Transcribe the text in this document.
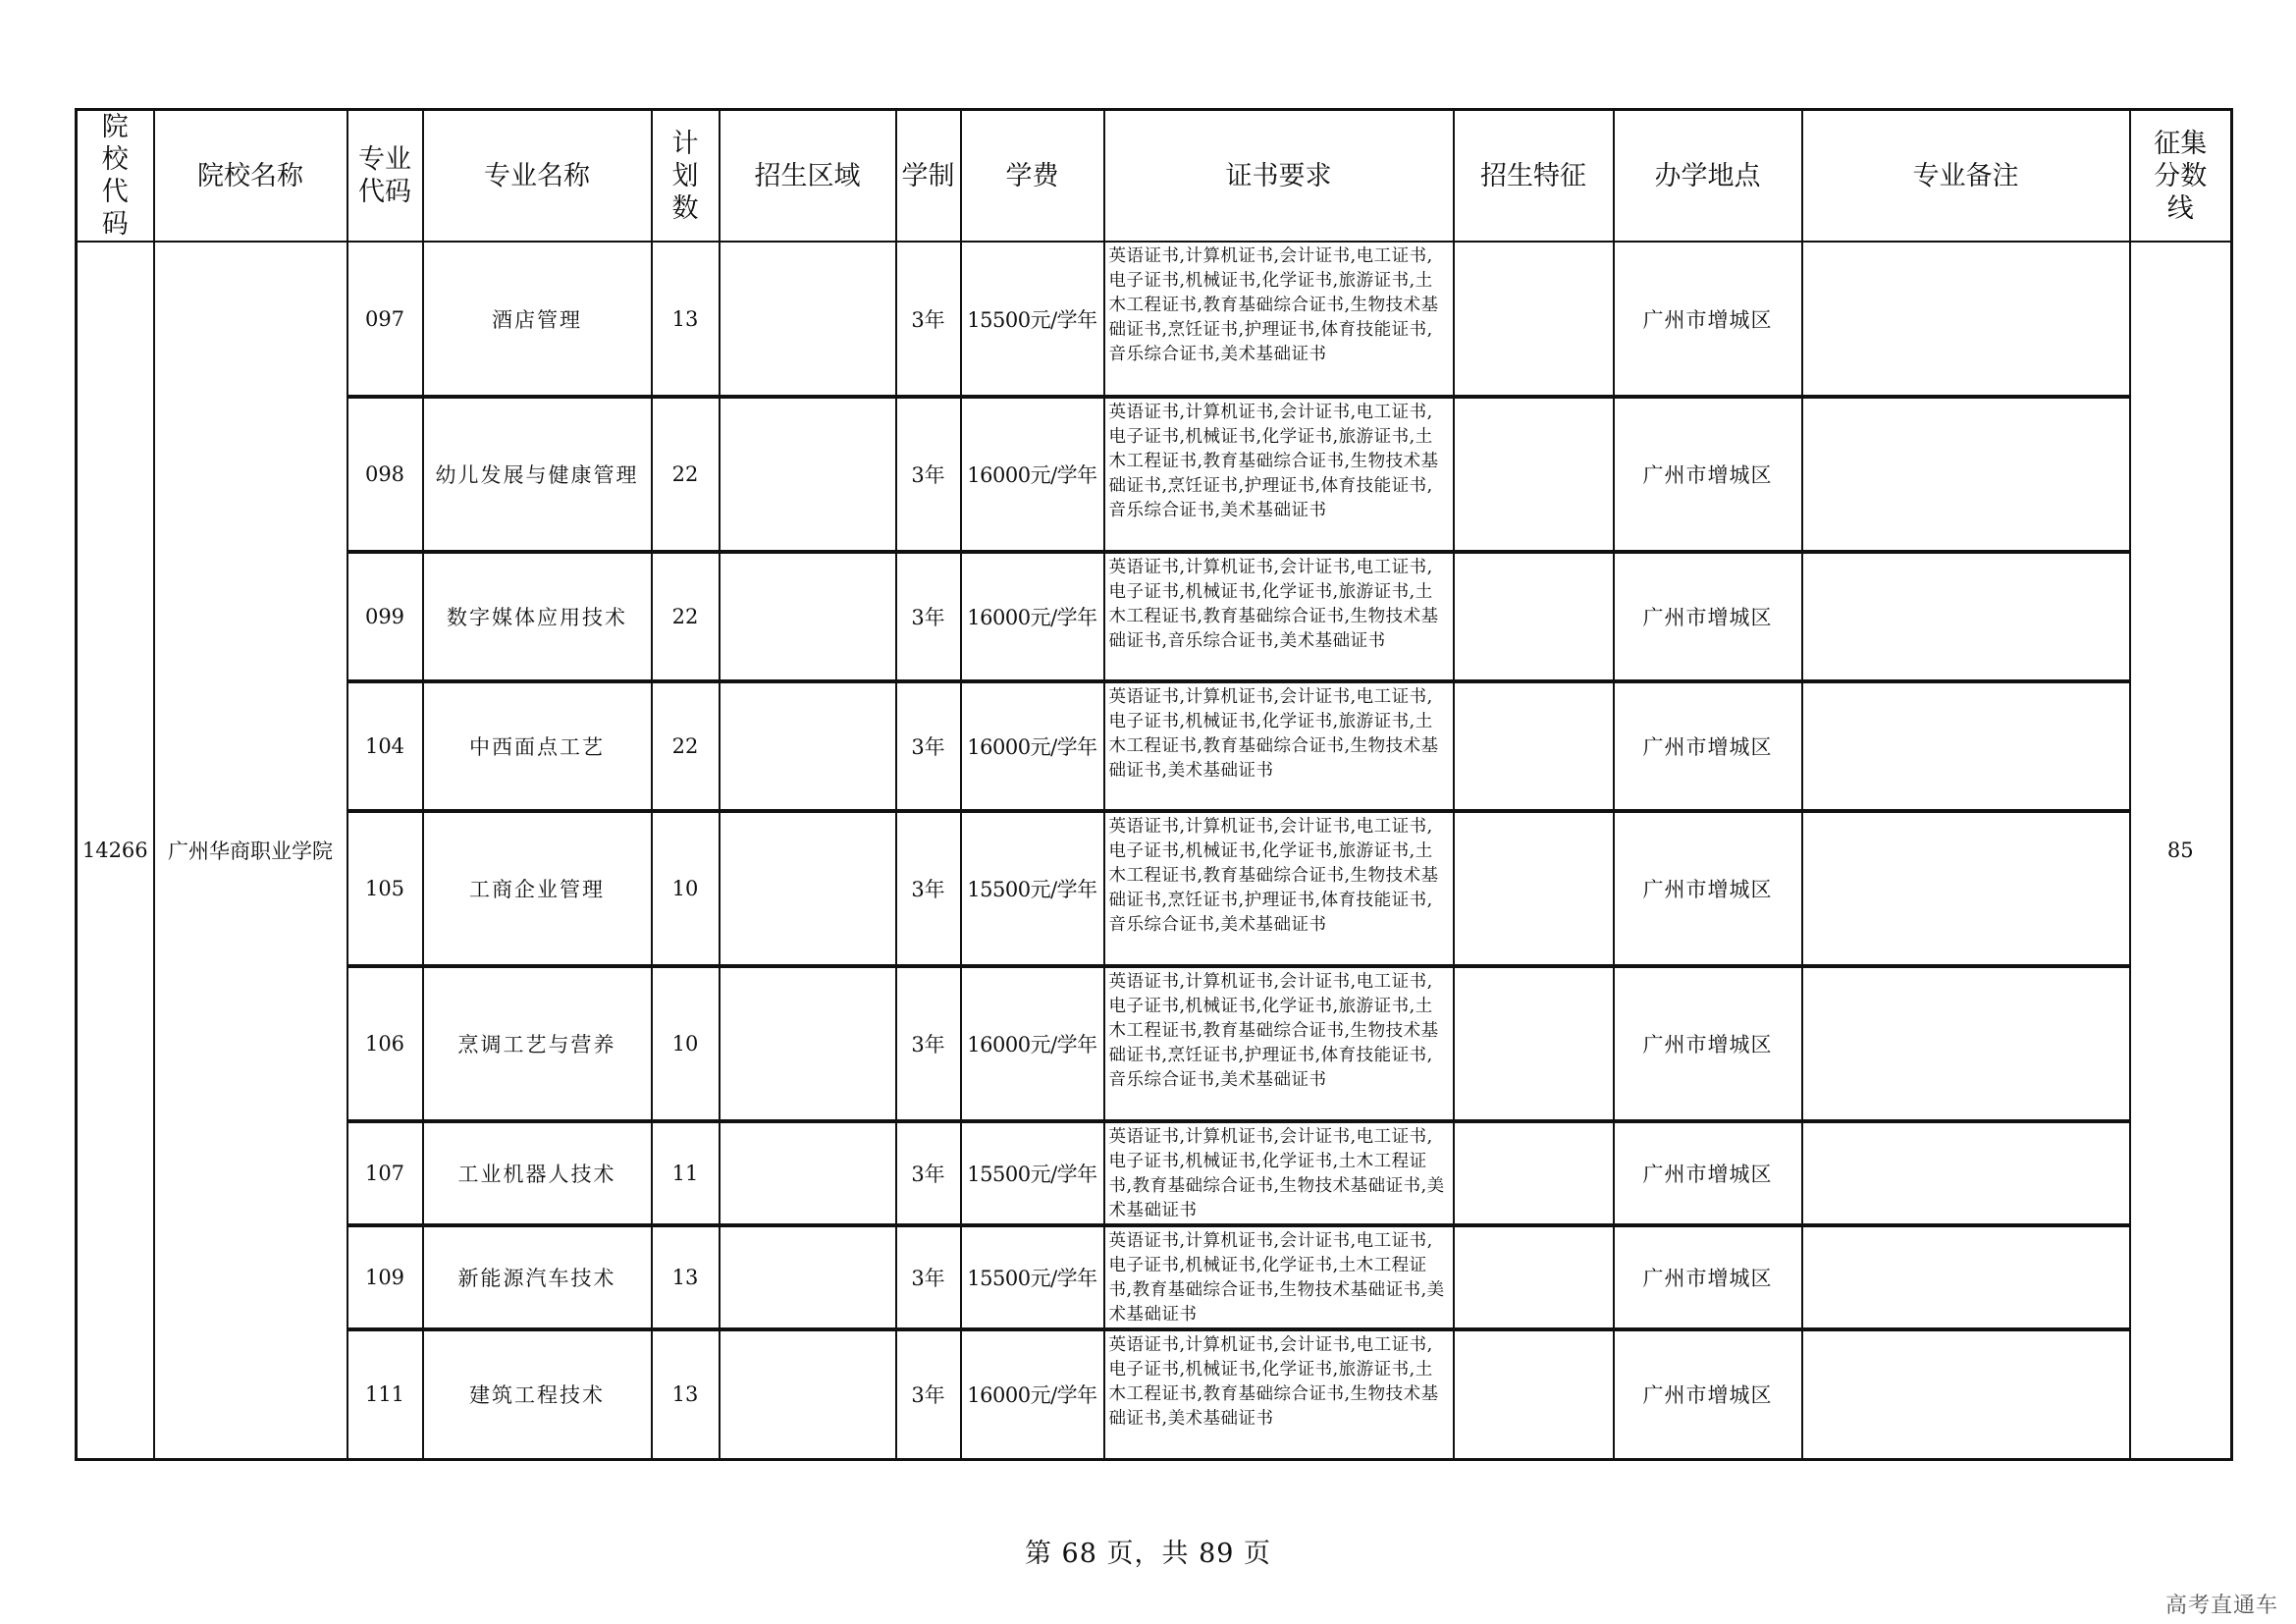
院校代码	院校名称	专业代码	专业名称	计划数	招生区域	学制	学费	证书要求	招生特征	办学地点	专业备注	征集分数线
14266	广州华商职业学院	097	酒店管理	13		3年	15500元/学年	英语证书,计算机证书,会计证书,电工证书,电子证书,机械证书,化学证书,旅游证书,土木工程证书,教育基础综合证书,生物技术基础证书,烹饪证书,护理证书,体育技能证书,音乐综合证书,美术基础证书		广州市增城区		85
		098	幼儿发展与健康管理	22		3年	16000元/学年	英语证书,计算机证书,会计证书,电工证书,电子证书,机械证书,化学证书,旅游证书,土木工程证书,教育基础综合证书,生物技术基础证书,烹饪证书,护理证书,体育技能证书,音乐综合证书,美术基础证书		广州市增城区		
		099	数字媒体应用技术	22		3年	16000元/学年	英语证书,计算机证书,会计证书,电工证书,电子证书,机械证书,化学证书,旅游证书,土木工程证书,教育基础综合证书,生物技术基础证书,音乐综合证书,美术基础证书		广州市增城区		
		104	中西面点工艺	22		3年	16000元/学年	英语证书,计算机证书,会计证书,电工证书,电子证书,机械证书,化学证书,旅游证书,土木工程证书,教育基础综合证书,生物技术基础证书,美术基础证书		广州市增城区		
		105	工商企业管理	10		3年	15500元/学年	英语证书,计算机证书,会计证书,电工证书,电子证书,机械证书,化学证书,旅游证书,土木工程证书,教育基础综合证书,生物技术基础证书,烹饪证书,护理证书,体育技能证书,音乐综合证书,美术基础证书		广州市增城区		
		106	烹调工艺与营养	10		3年	16000元/学年	英语证书,计算机证书,会计证书,电工证书,电子证书,机械证书,化学证书,旅游证书,土木工程证书,教育基础综合证书,生物技术基础证书,烹饪证书,护理证书,体育技能证书,音乐综合证书,美术基础证书		广州市增城区		
		107	工业机器人技术	11		3年	15500元/学年	英语证书,计算机证书,会计证书,电工证书,电子证书,机械证书,化学证书,土木工程证书,教育基础综合证书,生物技术基础证书,美术基础证书		广州市增城区		
		109	新能源汽车技术	13		3年	15500元/学年	英语证书,计算机证书,会计证书,电工证书,电子证书,机械证书,化学证书,土木工程证书,教育基础综合证书,生物技术基础证书,美术基础证书		广州市增城区		
		111	建筑工程技术	13		3年	16000元/学年	英语证书,计算机证书,会计证书,电工证书,电子证书,机械证书,化学证书,旅游证书,土木工程证书,教育基础综合证书,生物技术基础证书,美术基础证书		广州市增城区		
第 68 页，共 89 页
高考直通车
